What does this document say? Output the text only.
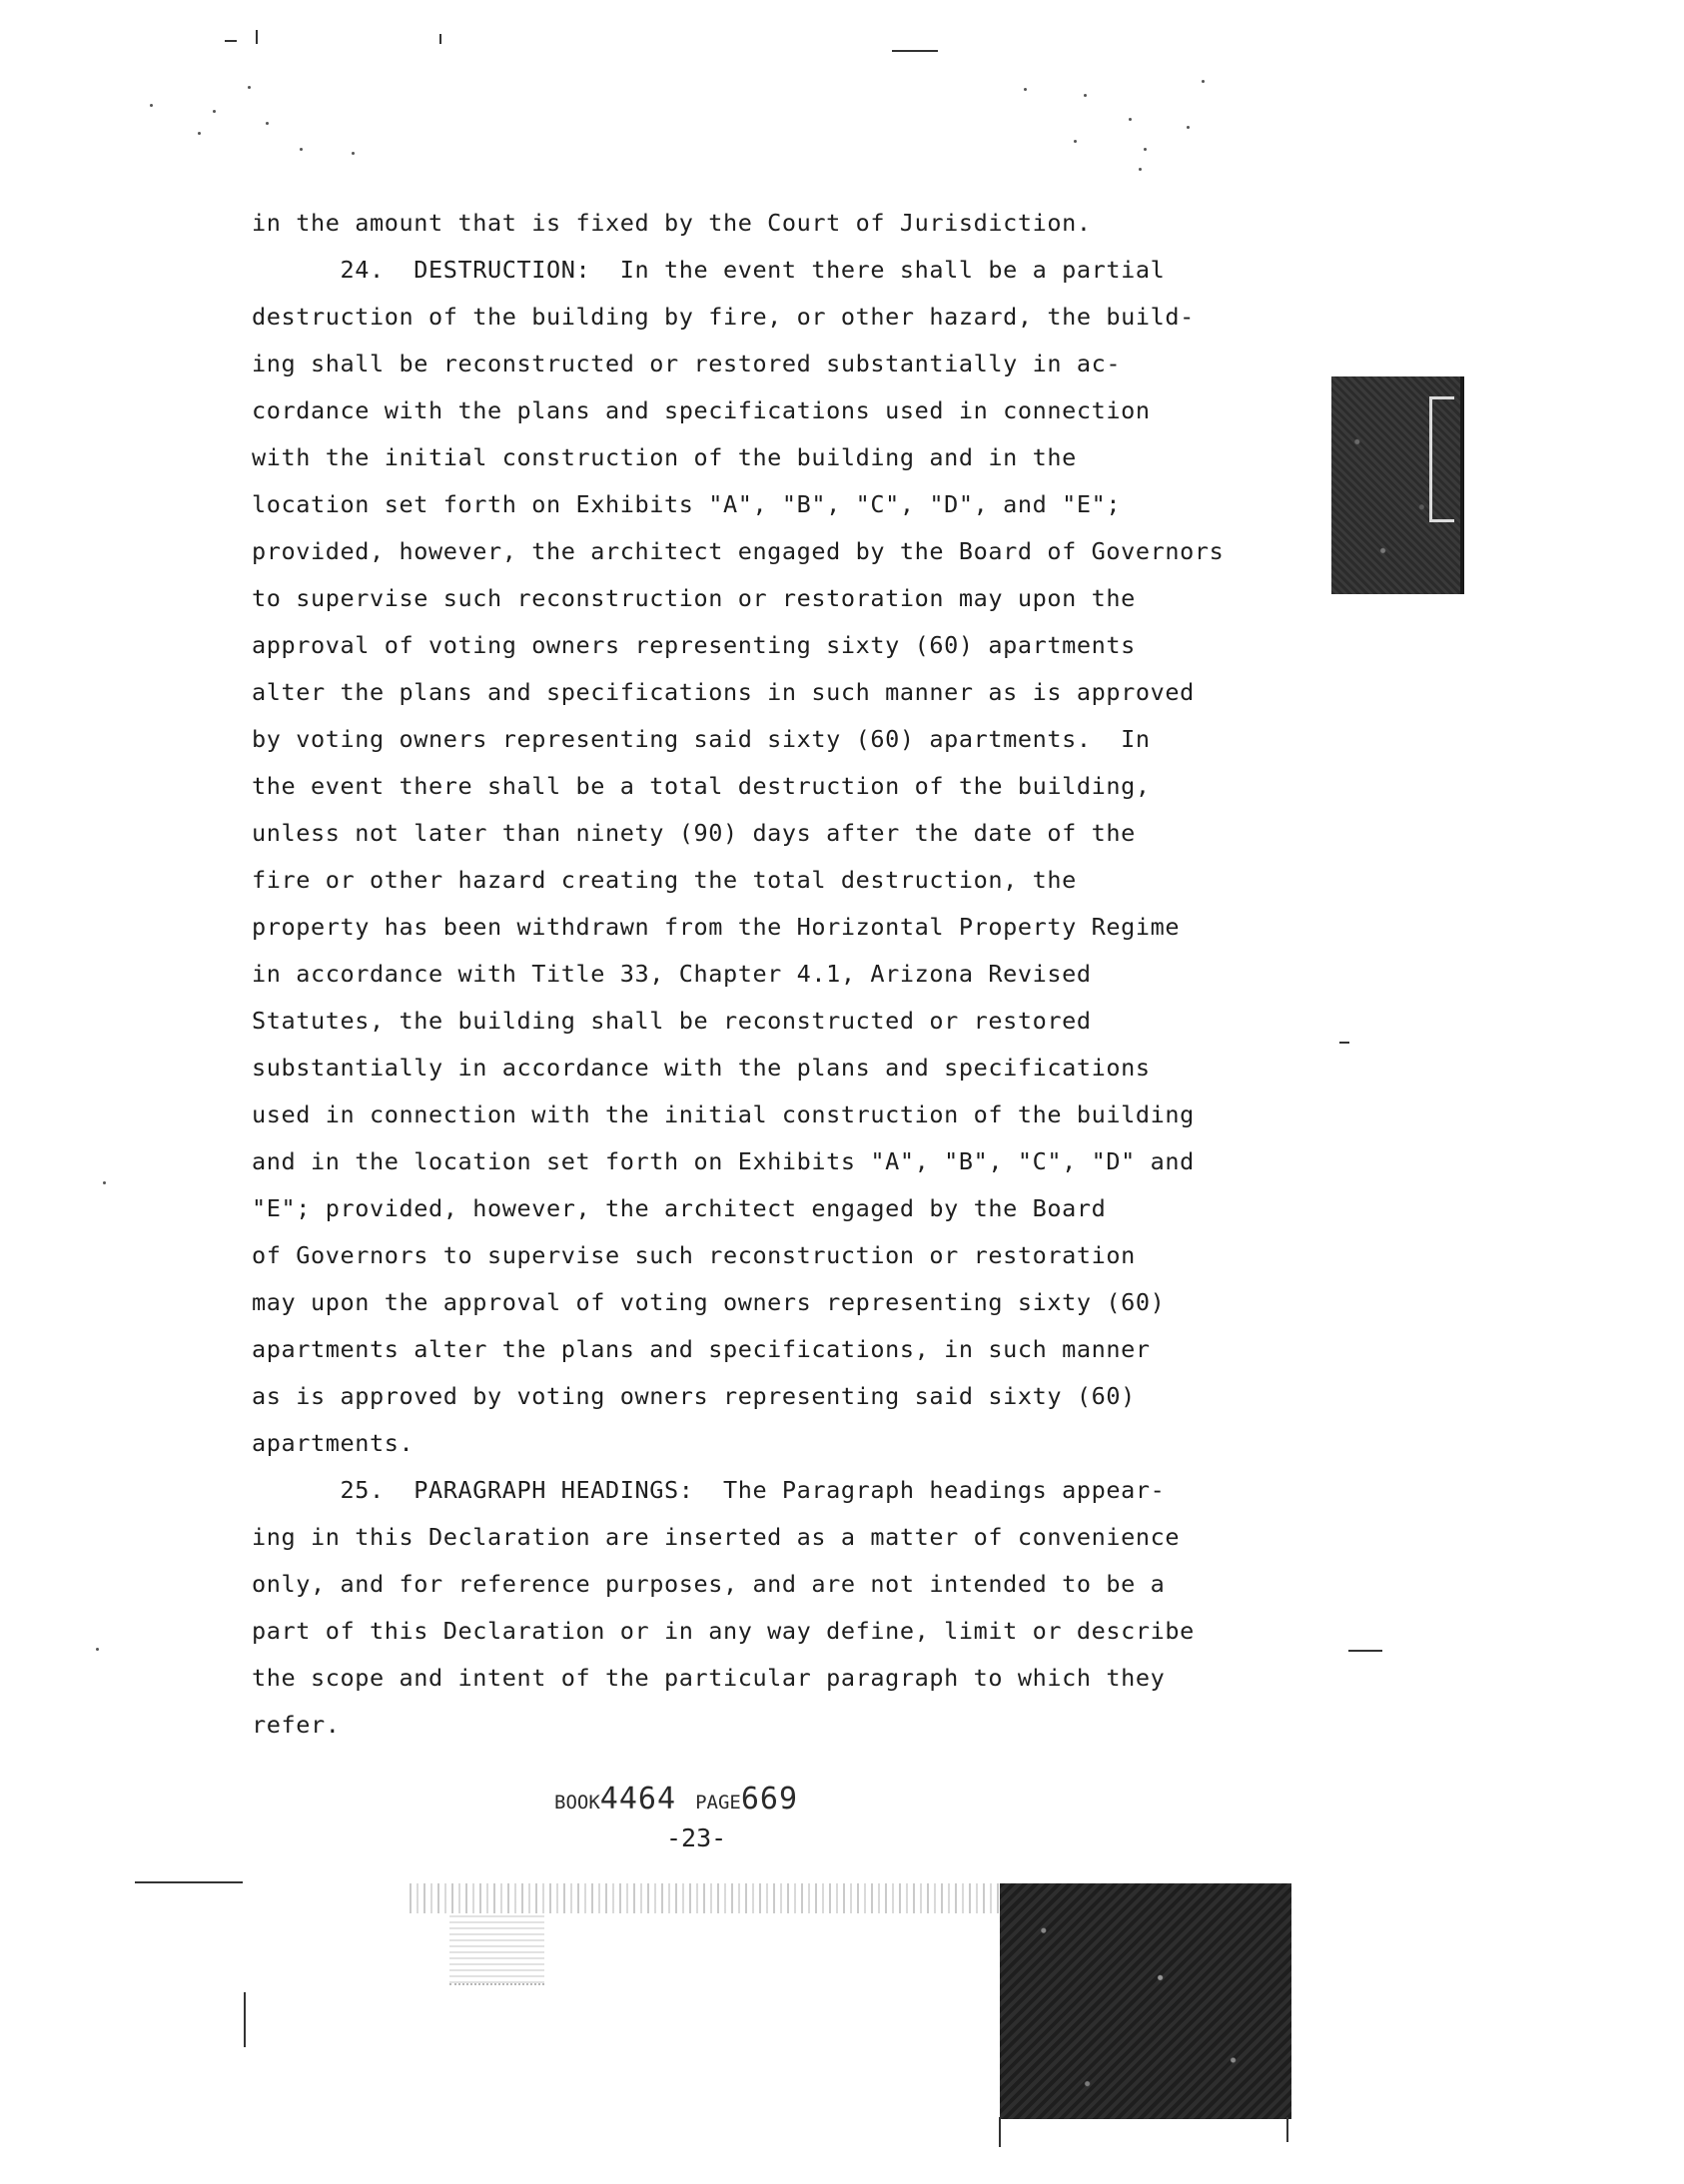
in the amount that is fixed by the Court of Jurisdiction.
24.  DESTRUCTION:  In the event there shall be a partial
destruction of the building by fire, or other hazard, the build-
ing shall be reconstructed or restored substantially in ac-
cordance with the plans and specifications used in connection
with the initial construction of the building and in the
location set forth on Exhibits "A", "B", "C", "D", and "E";
provided, however, the architect engaged by the Board of Governors
to supervise such reconstruction or restoration may upon the
approval of voting owners representing sixty (60) apartments
alter the plans and specifications in such manner as is approved
by voting owners representing said sixty (60) apartments.  In
the event there shall be a total destruction of the building,
unless not later than ninety (90) days after the date of the
fire or other hazard creating the total destruction, the
property has been withdrawn from the Horizontal Property Regime
in accordance with Title 33, Chapter 4.1, Arizona Revised
Statutes, the building shall be reconstructed or restored
substantially in accordance with the plans and specifications
used in connection with the initial construction of the building
and in the location set forth on Exhibits "A", "B", "C", "D" and
"E"; provided, however, the architect engaged by the Board
of Governors to supervise such reconstruction or restoration
may upon the approval of voting owners representing sixty (60)
apartments alter the plans and specifications, in such manner
as is approved by voting owners representing said sixty (60)
apartments.
25.  PARAGRAPH HEADINGS:  The Paragraph headings appear-
ing in this Declaration are inserted as a matter of convenience
only, and for reference purposes, and are not intended to be a
part of this Declaration or in any way define, limit or describe
the scope and intent of the particular paragraph to which they
refer.
BOOK4464 PAGE669
-23-
